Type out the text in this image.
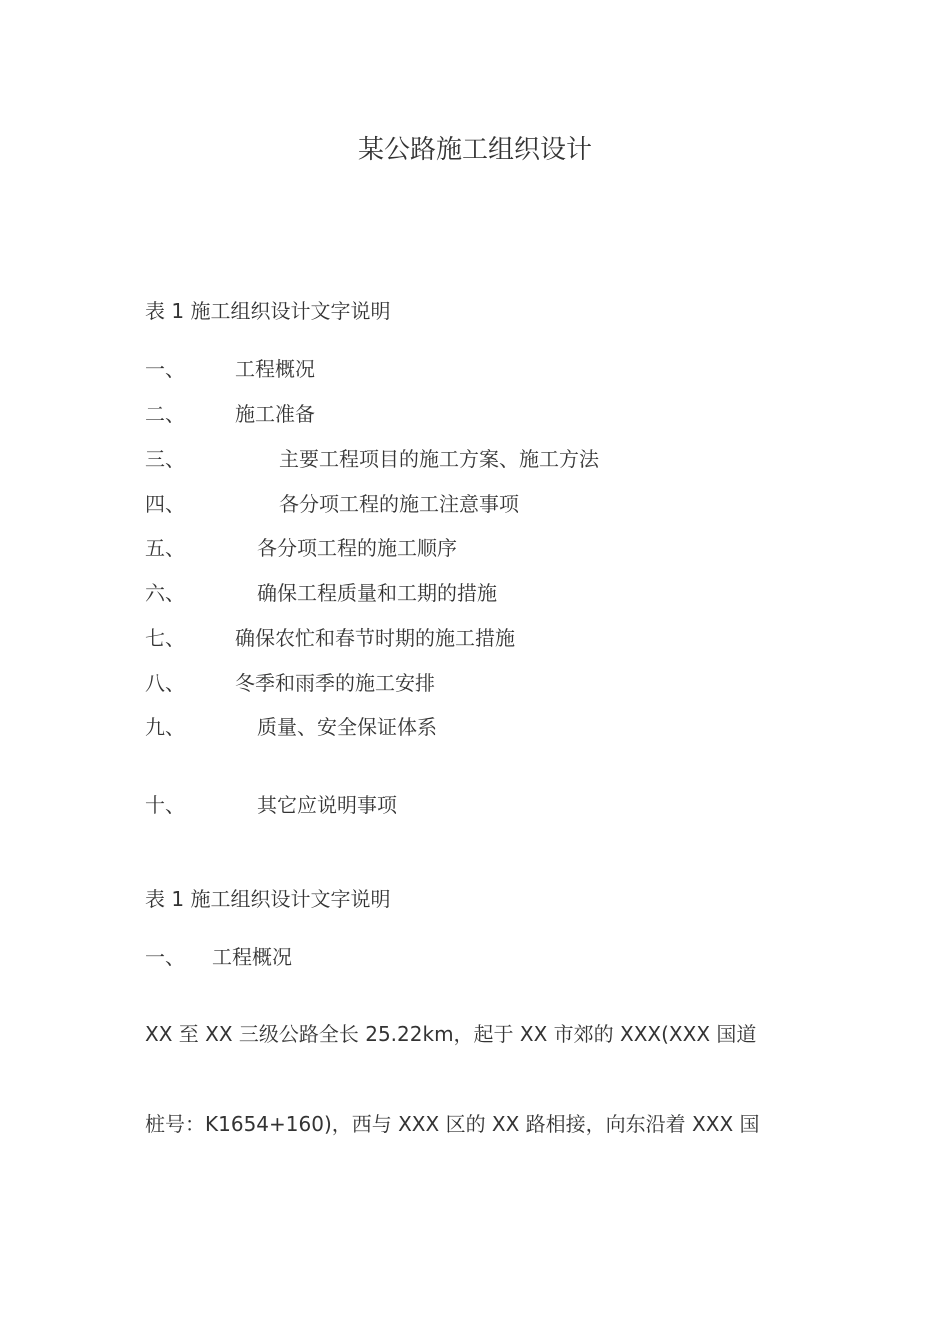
某公路施工组织设计
表 1 施工组织设计文字说明
一、	工程概况
二、	施工准备
三、	主要工程项目的施工方案、施工方法
四、	各分项工程的施工注意事项
五、	各分项工程的施工顺序
六、	确保工程质量和工期的措施
七、	确保农忙和春节时期的施工措施
八、	冬季和雨季的施工安排
九、	质量、安全保证体系
十、	其它应说明事项
表 1 施工组织设计文字说明
一、 工程概况
XX 至 XX 三级公路全长 25.22km，起于 XX 市郊的 XXX(XXX 国道
桩号：K1654+160)，西与 XXX 区的 XX 路相接，向东沿着 XXX 国
